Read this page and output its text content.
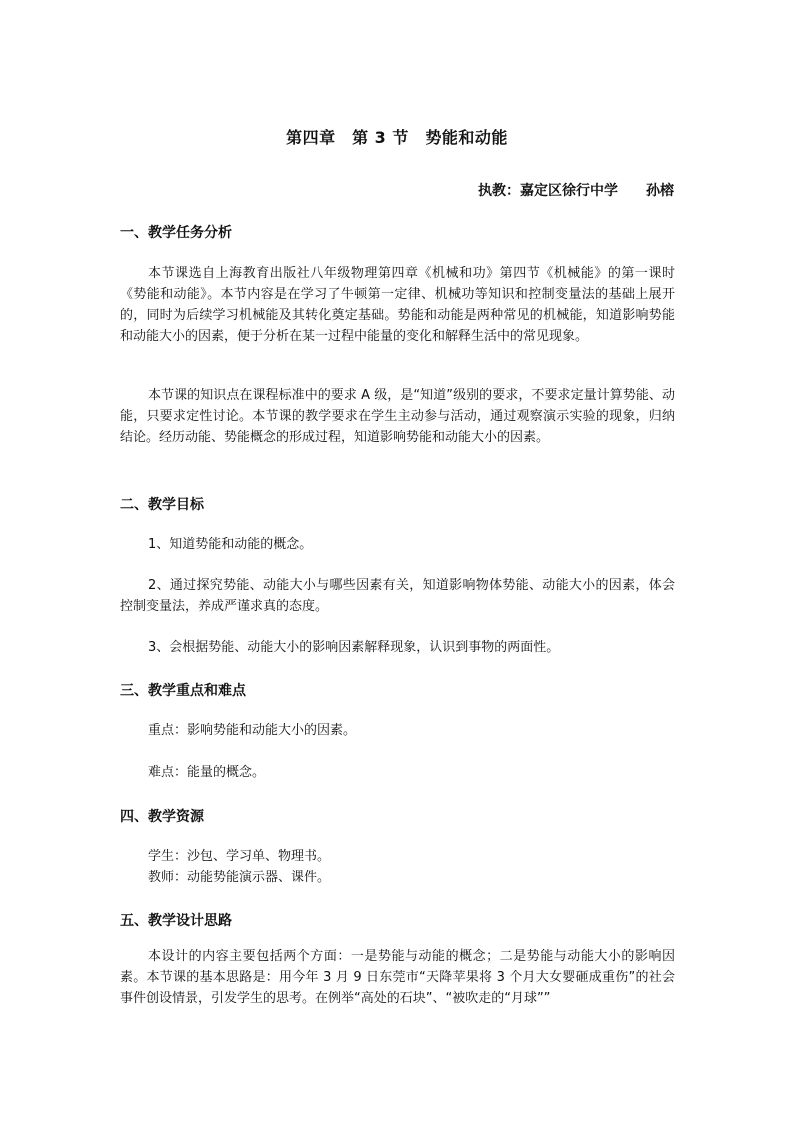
第四章　第 3 节　势能和动能
执教：嘉定区徐行中学　　孙榕
一、教学任务分析
本节课选自上海教育出版社八年级物理第四章《机械和功》第四节《机械能》的第一课时《势能和动能》。本节内容是在学习了牛顿第一定律、机械功等知识和控制变量法的基础上展开的，同时为后续学习机械能及其转化奠定基础。势能和动能是两种常见的机械能，知道影响势能和动能大小的因素，便于分析在某一过程中能量的变化和解释生活中的常见现象。
本节课的知识点在课程标准中的要求 A 级，是“知道”级别的要求，不要求定量计算势能、动能，只要求定性讨论。本节课的教学要求在学生主动参与活动，通过观察演示实验的现象，归纳结论。经历动能、势能概念的形成过程，知道影响势能和动能大小的因素。
二、教学目标
1、知道势能和动能的概念。
2、通过探究势能、动能大小与哪些因素有关，知道影响物体势能、动能大小的因素，体会控制变量法，养成严谨求真的态度。
3、会根据势能、动能大小的影响因素解释现象，认识到事物的两面性。
三、教学重点和难点
重点：影响势能和动能大小的因素。
难点：能量的概念。
四、教学资源
学生：沙包、学习单、物理书。
教师：动能势能演示器、课件。
五、教学设计思路
本设计的内容主要包括两个方面：一是势能与动能的概念；二是势能与动能大小的影响因素。本节课的基本思路是：用今年 3 月 9 日东莞市“天降苹果将 3 个月大女婴砸成重伤”的社会事件创设情景，引发学生的思考。在例举“高处的石块”、“被吹走的“月球””
